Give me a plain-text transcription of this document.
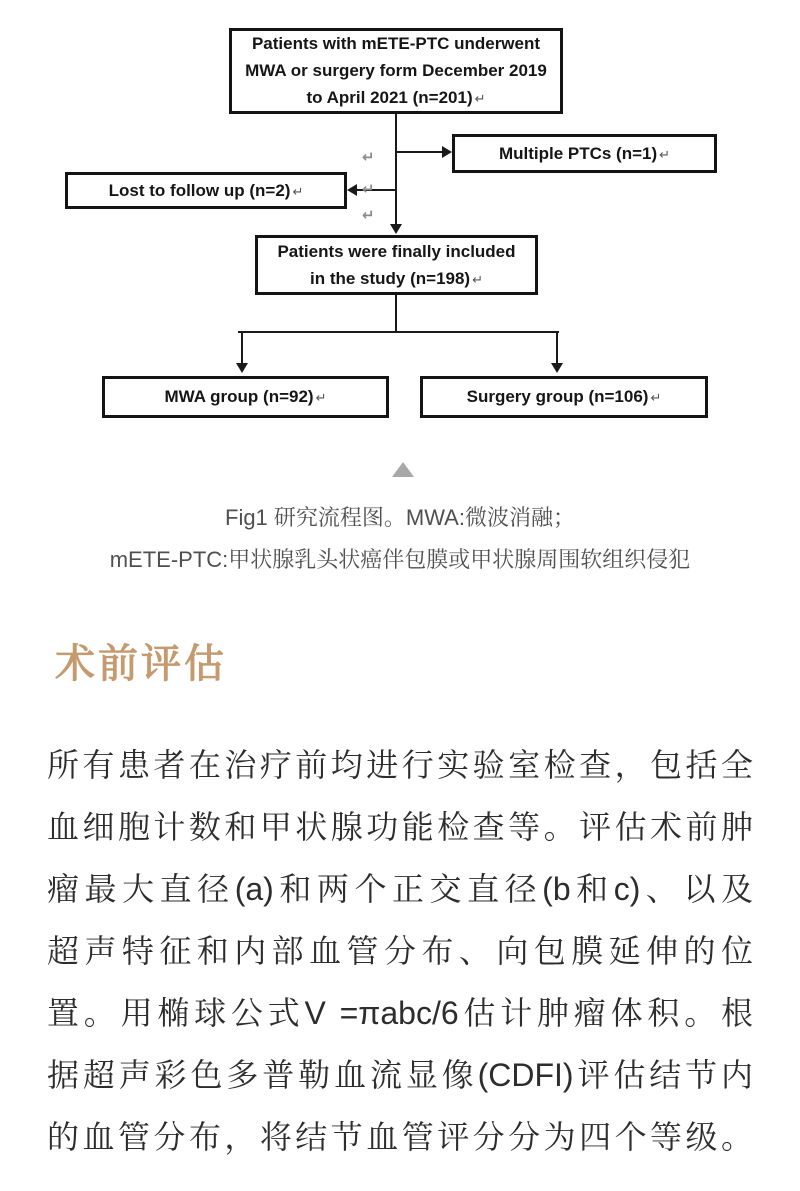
Patients with mETE-PTC underwent MWA or surgery form December 2019 to April 2021 (n=201) ↵
Multiple PTCs (n=1) ↵
Lost to follow up (n=2) ↵
Patients were finally included in the study (n=198) ↵
MWA group (n=92) ↵	Surgery group (n=106) ↵
↵
↵
↵
Fig1 研究流程图。MWA:微波消融；
mETE-PTC:甲状腺乳头状癌伴包膜或甲状腺周围软组织侵犯
术前评估
所有患者在治疗前均进行实验室检查，包括全
血细胞计数和甲状腺功能检查等。评估术前肿
瘤最大直径(a)和两个正交直径(b和c)、以及
超声特征和内部血管分布、向包膜延伸的位
置。用椭球公式V =πabc/6估计肿瘤体积。根
据超声彩色多普勒血流显像(CDFI)评估结节内
的血管分布，将结节血管评分分为四个等级。
